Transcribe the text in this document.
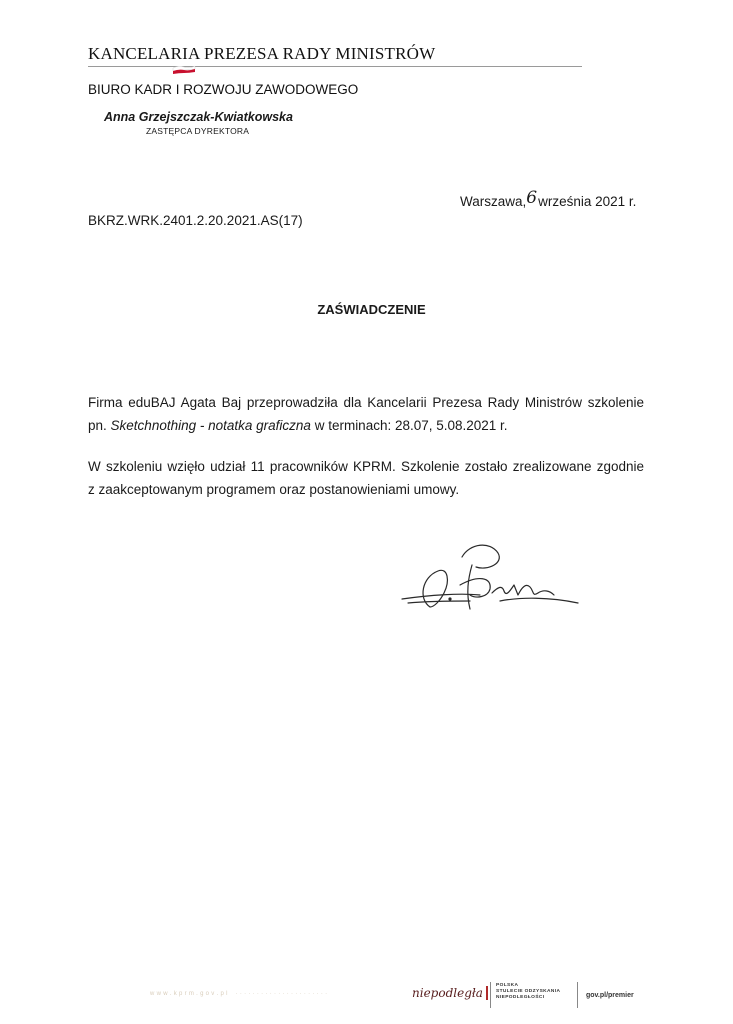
KANCELARIA PREZESA RADY MINISTRÓW
BIURO KADR I ROZWOJU ZAWODOWEGO
Anna Grzejszczak-Kwiatkowska
ZASTĘPCA DYREKTORA
Warszawa,6września 2021 r.
BKRZ.WRK.2401.2.20.2021.AS(17)
ZAŚWIADCZENIE
Firma eduBAJ Agata Baj przeprowadziła dla Kancelarii Prezesa Rady Ministrów szkolenie
pn. Sketchnothing - notatka graficzna w terminach: 28.07, 5.08.2021 r.
W szkoleniu wzięło udział 11 pracowników KPRM. Szkolenie zostało zrealizowane zgodnie
z zaakceptowanym programem oraz postanowieniami umowy.
w w w . k p r m . g o v . p l    · · · · · · · · · · · · · · · · · · · · · ·	niepodległa
POLSKA
STULECIE ODZYSKANIA
NIEPODLEGŁOŚCI	gov.pl/premier
